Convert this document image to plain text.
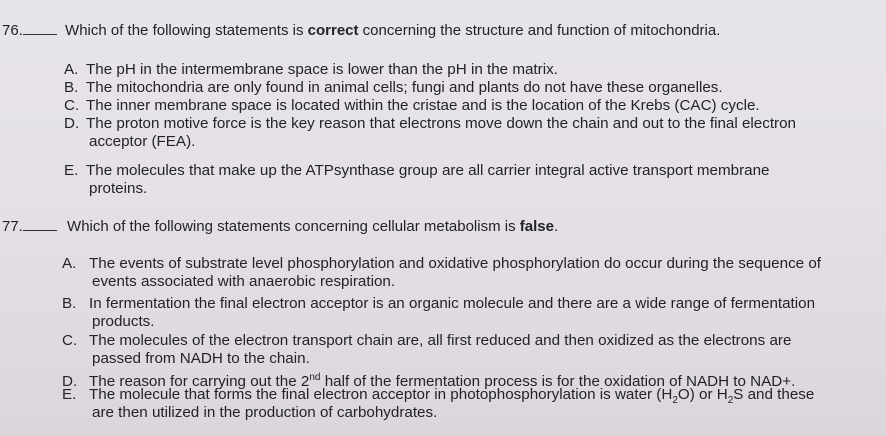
76.	Which of the following statements is correct concerning the structure and function of mitochondria.
A. The pH in the intermembrane space is lower than the pH in the matrix.
B. The mitochondria are only found in animal cells; fungi and plants do not have these organelles.
C. The inner membrane space is located within the cristae and is the location of the Krebs (CAC) cycle.
D. The proton motive force is the key reason that electrons move down the chain and out to the final electron
acceptor (FEA).
E. The molecules that make up the ATPsynthase group are all carrier integral active transport membrane
proteins.
77.	Which of the following statements concerning cellular metabolism is false.
A. The events of substrate level phosphorylation and oxidative phosphorylation do occur during the sequence of
events associated with anaerobic respiration.
B. In fermentation the final electron acceptor is an organic molecule and there are a wide range of fermentation
products.
C. The molecules of the electron transport chain are, all first reduced and then oxidized as the electrons are
passed from NADH to the chain.
D. The reason for carrying out the 2nd half of the fermentation process is for the oxidation of NADH to NAD+.
E. The molecule that forms the final electron acceptor in photophosphorylation is water $(H_2O)$ or $H_2S$ and these
are then utilized in the production of carbohydrates.
